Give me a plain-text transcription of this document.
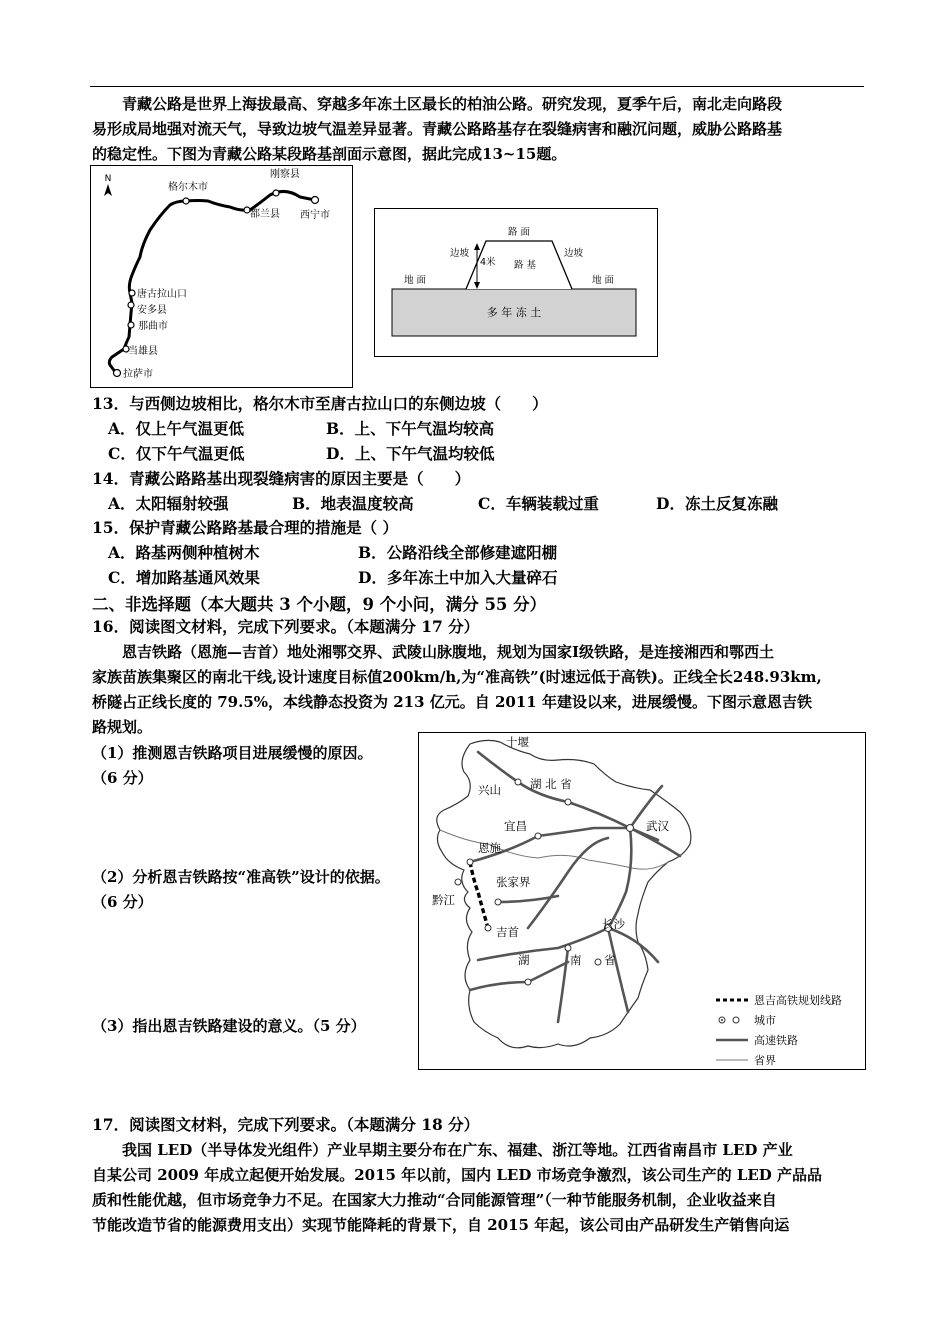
青藏公路是世界上海拔最高、穿越多年冻土区最长的柏油公路。研究发现，夏季午后，南北走向路段
易形成局地强对流天气，导致边坡气温差异显著。青藏公路路基存在裂缝病害和融沉问题，威胁公路路基
的稳定性。下图为青藏公路某段路基剖面示意图，据此完成13~15题。
N	刚察县
格尔木市
都兰县 西宁市
唐古拉山口
安多县
那曲市
当雄县
拉萨市
路 面
边坡	边坡
4米 路 基
地 面	地 面
多 年 冻 土
13．与西侧边坡相比，格尔木市至唐古拉山口的东侧边坡（　　）
A．仅上午气温更低	B．上、下午气温均较高
C．仅下午气温更低	D．上、下午气温均较低
14．青藏公路路基出现裂缝病害的原因主要是（　　）
A．太阳辐射较强	B．地表温度较高	C．车辆装载过重	D．冻土反复冻融
15．保护青藏公路路基最合理的措施是（ ）
A．路基两侧种植树木	B．公路沿线全部修建遮阳棚
C．增加路基通风效果	D．多年冻土中加入大量碎石
二、非选择题（本大题共 3 个小题，9 个小问，满分 55 分）
16．阅读图文材料，完成下列要求。（本题满分 17 分）
恩吉铁路（恩施—吉首）地处湘鄂交界、武陵山脉腹地，规划为国家Ⅰ级铁路，是连接湘西和鄂西土
家族苗族集聚区的南北干线,设计速度目标值200km/h,为“准高铁”(时速远低于高铁)。正线全长248.93km,
桥隧占正线长度的 79.5%，本线静态投资为 213 亿元。自 2011 年建设以来，进展缓慢。下图示意恩吉铁
路规划。
（1）推测恩吉铁路项目进展缓慢的原因。
（6 分）
（2）分析恩吉铁路按“准高铁”设计的依据。
（6 分）
（3）指出恩吉铁路建设的意义。（5 分）
十堰
兴山	湖 北 省
武汉
宜昌
恩施
张家界
黔江
吉首
长沙
湖	南 省
恩吉高铁规划线路
城市
高速铁路
省界
17．阅读图文材料，完成下列要求。（本题满分 18 分）
我国 LED（半导体发光组件）产业早期主要分布在广东、福建、浙江等地。江西省南昌市 LED 产业
自某公司 2009 年成立起便开始发展。2015 年以前，国内 LED 市场竞争激烈，该公司生产的 LED 产品品
质和性能优越，但市场竞争力不足。在国家大力推动“合同能源管理”（一种节能服务机制，企业收益来自
节能改造节省的能源费用支出）实现节能降耗的背景下，自 2015 年起，该公司由产品研发生产销售向运
